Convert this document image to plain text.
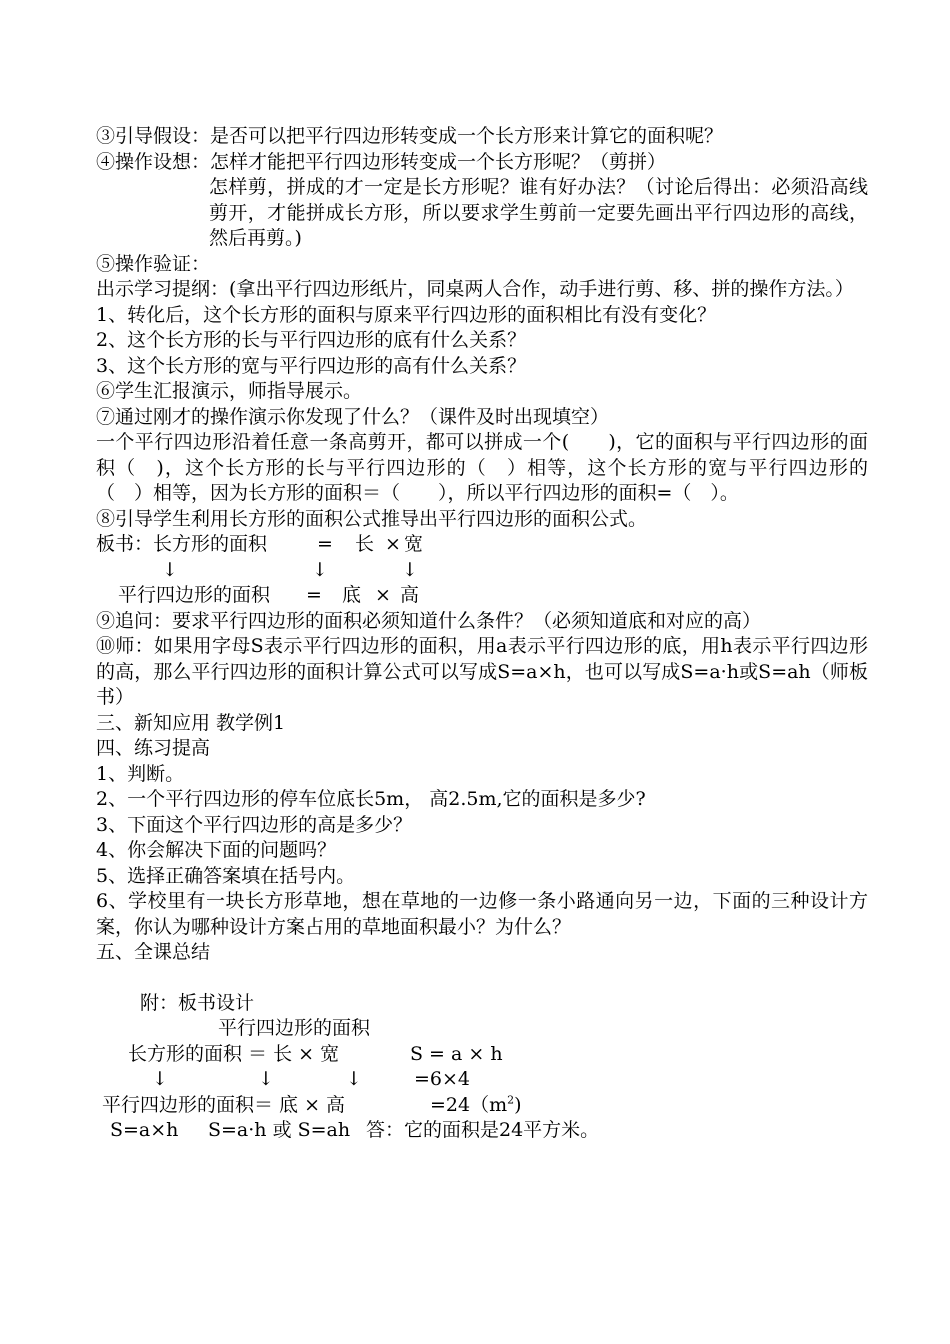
③引导假设：是否可以把平行四边形转变成一个长方形来计算它的面积呢？
④操作设想：怎样才能把平行四边形转变成一个长方形呢？（剪拼）
怎样剪，拼成的才一定是长方形呢？谁有好办法？（讨论后得出：必须沿高线剪开，才能拼成长方形，所以要求学生剪前一定要先画出平行四边形的高线，然后再剪。)
⑤操作验证：
出示学习提纲：(拿出平行四边形纸片，同桌两人合作，动手进行剪、移、拼的操作方法。）
1、转化后，这个长方形的面积与原来平行四边形的面积相比有没有变化？
2、这个长方形的长与平行四边形的底有什么关系？
3、这个长方形的宽与平行四边形的高有什么关系？
⑥学生汇报演示，师指导展示。
⑦通过刚才的操作演示你发现了什么？（课件及时出现填空）
一个平行四边形沿着任意一条高剪开，都可以拼成一个(　　)，它的面积与平行四边形的面积（　)，这个长方形的长与平行四边形的（　）相等，这个长方形的宽与平行四边形的（　）相等，因为长方形的面积＝（　　），所以平行四边形的面积=（　）。
⑧引导学生利用长方形的面积公式推导出平行四边形的面积公式。
板书：长方形的面积	= 长 × 宽
↓	↓	↓
平行四边形的面积 = 底 × 高
⑨追问：要求平行四边形的面积必须知道什么条件？（必须知道底和对应的高）
⑩师：如果用字母S表示平行四边形的面积，用a表示平行四边形的底，用h表示平行四边形的高，那么平行四边形的面积计算公式可以写成S=a×h，也可以写成S=a·h或S=ah（师板书）
三、新知应用 教学例1
四、练习提高
1、判断。
2、一个平行四边形的停车位底长5m， 高2.5m,它的面积是多少?
3、下面这个平行四边形的高是多少？
4、你会解决下面的问题吗？
5、选择正确答案填在括号内。
6、学校里有一块长方形草地，想在草地的一边修一条小路通向另一边，下面的三种设计方案，你认为哪种设计方案占用的草地面积最小？为什么？
五、全课总结
附：板书设计
平行四边形的面积
长方形的面积 ＝ 长 × 宽	S = a × h
↓	↓	↓	=6×4
平行四边形的面积＝ 底 × 高	$=24(m^2)$
S=a×h S=a·h 或 S=ah 答：它的面积是24平方米。
